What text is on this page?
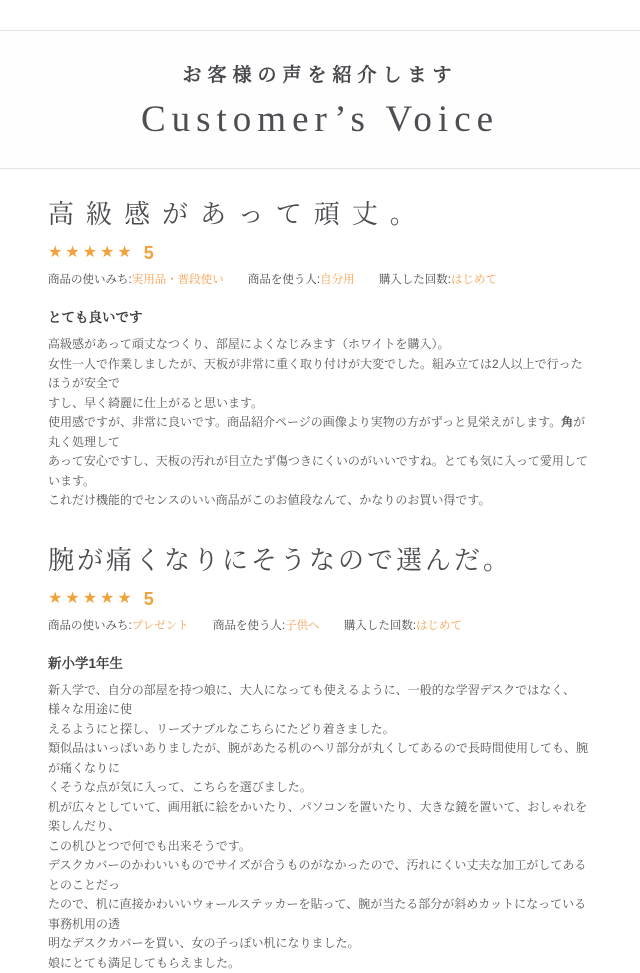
お客様の声を紹介します
Customer’s Voice
高級感があって頑丈。
★★★★★ 5
商品の使いみち:実用品・普段使い 商品を使う人:自分用 購入した回数:はじめて
とても良いです
高級感があって頑丈なつくり、部屋によくなじみます（ホワイトを購入）。
女性一人で作業しましたが、天板が非常に重く取り付けが大変でした。組み立ては2人以上で行ったほうが安全で
すし、早く綺麗に仕上がると思います。
使用感ですが、非常に良いです。商品紹介ページの画像より実物の方がずっと見栄えがします。角が丸く処理して
あって安心ですし、天板の汚れが目立たず傷つきにくいのがいいですね。とても気に入って愛用しています。
これだけ機能的でセンスのいい商品がこのお値段なんて、かなりのお買い得です。
腕が痛くなりにそうなので選んだ。
★★★★★ 5
商品の使いみち:プレゼント 商品を使う人:子供へ 購入した回数:はじめて
新小学1年生
新入学で、自分の部屋を持つ娘に、大人になっても使えるように、一般的な学習デスクではなく、様々な用途に使
えるようにと探し、リーズナブルなこちらにたどり着きました。
類似品はいっぱいありましたが、腕があたる机のヘリ部分が丸くしてあるので長時間使用しても、腕が痛くなりに
くそうな点が気に入って、こちらを選びました。
机が広々としていて、画用紙に絵をかいたり、パソコンを置いたり、大きな鏡を置いて、おしゃれを楽しんだり、
この机ひとつで何でも出来そうです。
デスクカバーのかわいいものでサイズが合うものがなかったので、汚れにくい丈夫な加工がしてあるとのことだっ
たので、机に直接かわいいウォールステッカーを貼って、腕が当たる部分が斜めカットになっている事務机用の透
明なデスクカバーを買い、女の子っぽい机になりました。
娘にとても満足してもらえました。
